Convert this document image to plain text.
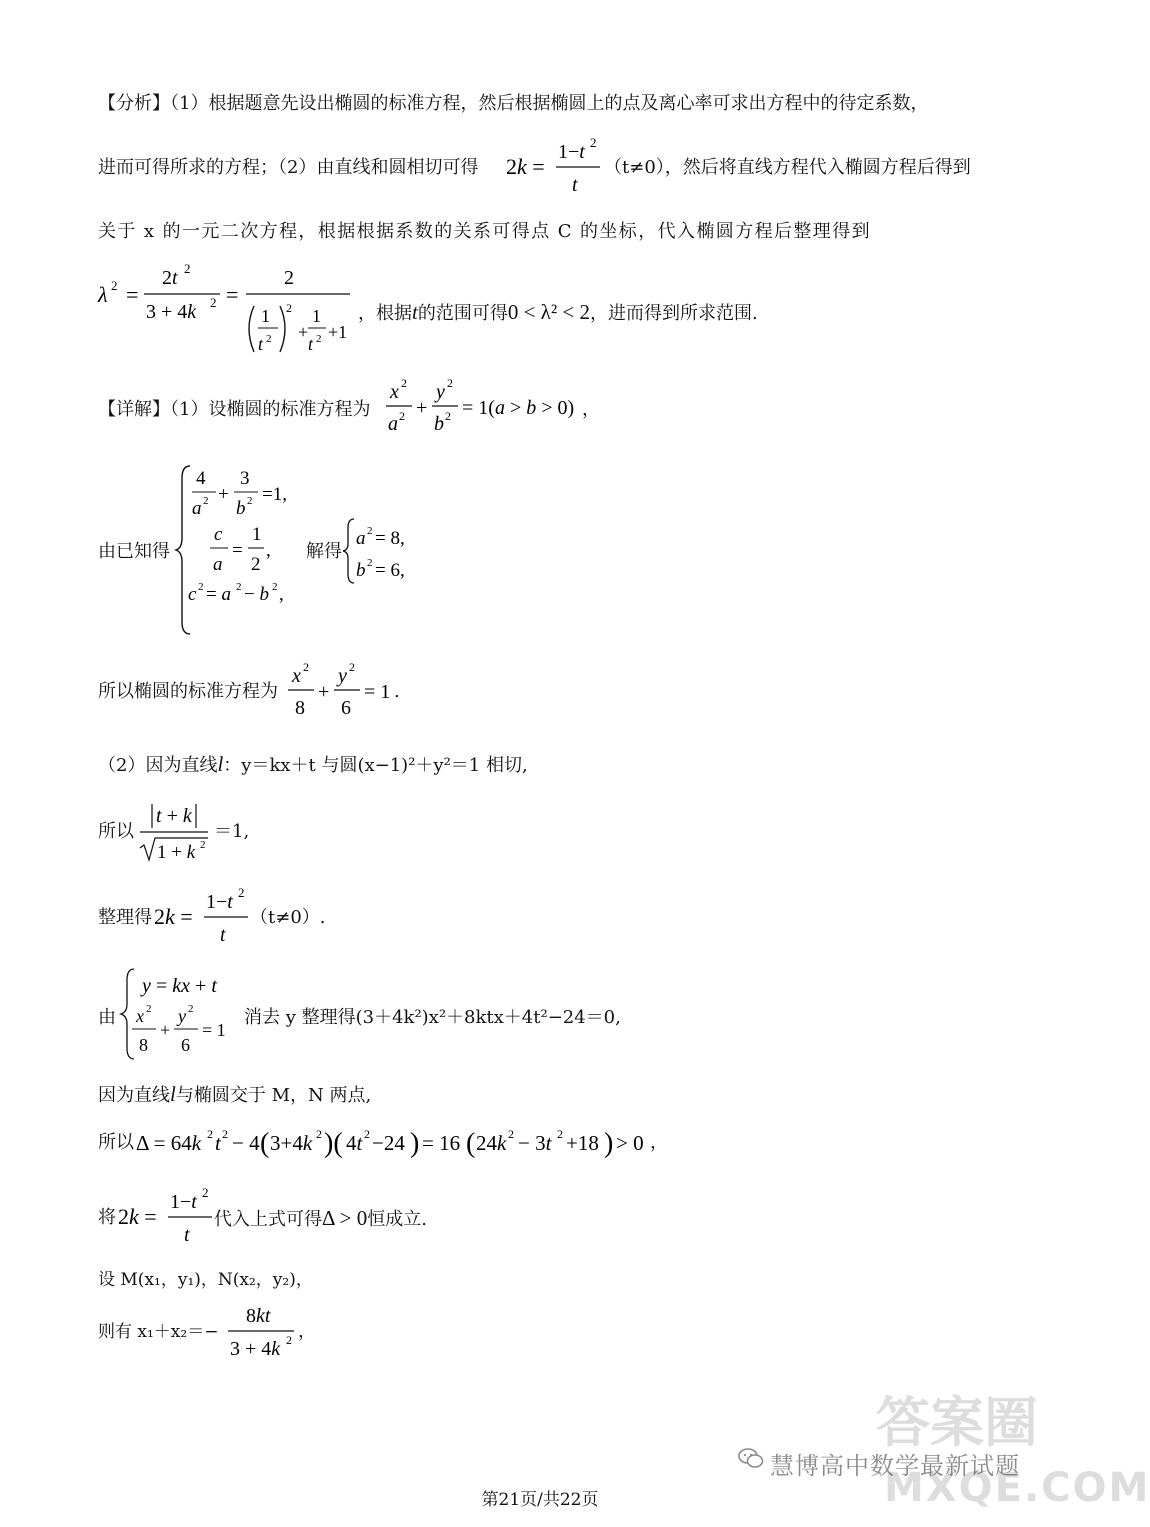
【分析】（1）根据题意先设出椭圆的标准方程，然后根据椭圆上的点及离心率可求出方程中的待定系数，
进而可得所求的方程；（2）由直线和圆相切可得 2k =
1−t 2
t
（t≠0），然后将直线方程代入椭圆方程后得到
关于 x 的一元二次方程，根据根据系数的关系可得点 C 的坐标，代入椭圆方程后整理得到
λ 2 =
2t 2
3 + 4k 2 =
2
1
t 2
2
+
1
t 2 +1
，根据t的范围可得0 < λ² < 2，进而得到所求范围.
【详解】（1）设椭圆的标准方程为
x 2
a 2 +
y 2
b 2 = 1(a > b > 0) ，
由已知得
4
a 2 +
3
b 2 =1,
c
a
=
1
2
,
c 2 = a 2 − b 2 ,
解得
a 2 = 8,
b 2 = 6,
所以椭圆的标准方程为
x 2
8
+
y 2
6
= 1 .
（2）因为直线l：y＝kx＋t 与圆(x−1)²＋y²＝1 相切,
所以
t + k
1 + k 2
＝1,
整理得 2k =
1−t 2
t
（t≠0）.
由
y = kx + t
x 2
8
+
y 2
6
= 1
消去 y 整理得(3＋4k²)x²＋8ktx＋4t²−24＝0,
因为直线l与椭圆交于 M，N 两点,
所以 Δ = 64k 2 t 2 − 4 ( 3+4k 2 )( 4t 2 −24 ) = 16 ( 24k 2 − 3t 2 +18 ) > 0 ，
将 2k =
1−t 2
t
代入上式可得Δ > 0恒成立.
设 M(x₁，y₁)，N(x₂，y₂)，
则有 x₁＋x₂＝−
8kt
3 + 4k 2 ，
答案圈
慧博高中数学最新试题
MXQE.COM
第21页/共22页
